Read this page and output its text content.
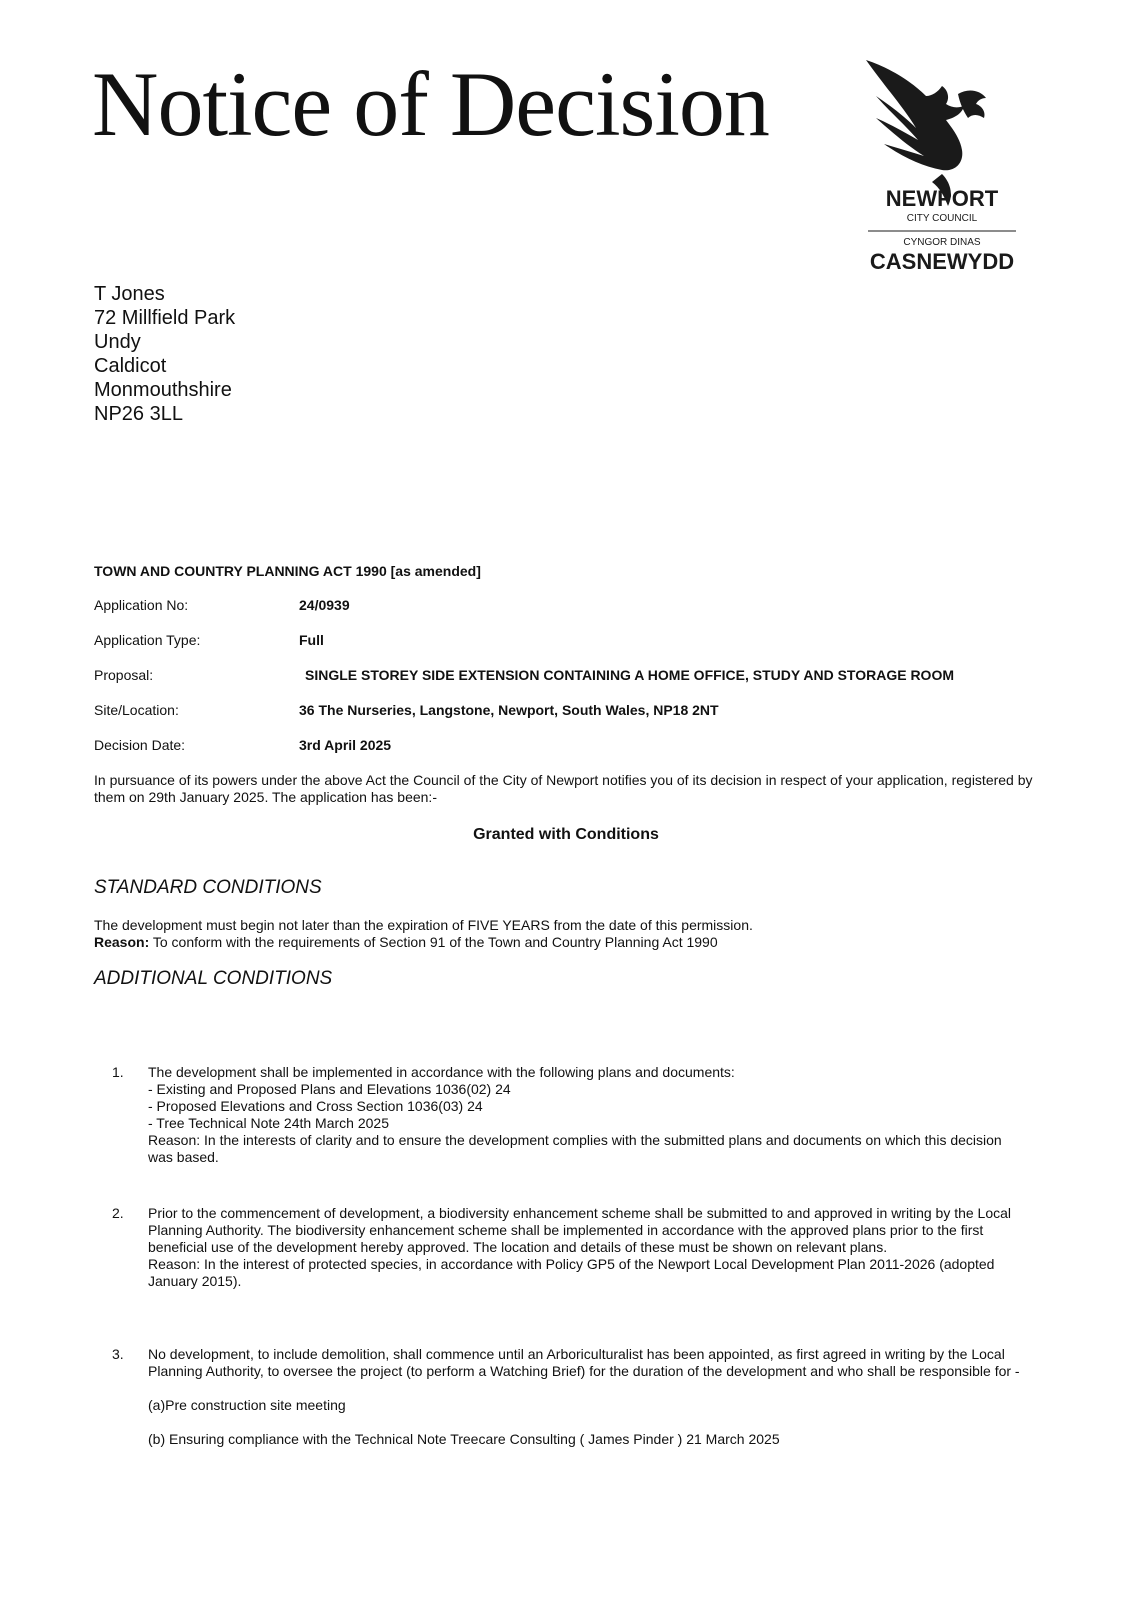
Notice of Decision
NEWPORT
CITY COUNCIL
CYNGOR DINAS
CASNEWYDD
T Jones
72 Millfield Park
Undy
Caldicot
Monmouthshire
NP26 3LL
TOWN AND COUNTRY PLANNING ACT 1990 [as amended]
Application No:	24/0939
Application Type:	Full
Proposal:	SINGLE STOREY SIDE EXTENSION CONTAINING A HOME OFFICE, STUDY AND STORAGE ROOM
Site/Location:	36 The Nurseries, Langstone, Newport, South Wales, NP18 2NT
Decision Date:	3rd April 2025
In pursuance of its powers under the above Act the Council of the City of Newport notifies you of its decision in respect of your application, registered by them on 29th January 2025. The application has been:-
Granted with Conditions
STANDARD CONDITIONS
The development must begin not later than the expiration of FIVE YEARS from the date of this permission.
Reason: To conform with the requirements of Section 91 of the Town and Country Planning Act 1990
ADDITIONAL CONDITIONS
1.	The development shall be implemented in accordance with the following plans and documents:
- Existing and Proposed Plans and Elevations 1036(02) 24
- Proposed Elevations and Cross Section 1036(03) 24
- Tree Technical Note 24th March 2025
Reason: In the interests of clarity and to ensure the development complies with the submitted plans and documents on which this decision was based.
2.	Prior to the commencement of development, a biodiversity enhancement scheme shall be submitted to and approved in writing by the Local Planning Authority. The biodiversity enhancement scheme shall be implemented in accordance with the approved plans prior to the first beneficial use of the development hereby approved. The location and details of these must be shown on relevant plans.
Reason: In the interest of protected species, in accordance with Policy GP5 of the Newport Local Development Plan 2011-2026 (adopted January 2015).
3.	No development, to include demolition, shall commence until an Arboriculturalist has been appointed, as first agreed in writing by the Local Planning Authority, to oversee the project (to perform a Watching Brief) for the duration of the development and who shall be responsible for -
(a)Pre construction site meeting
(b) Ensuring compliance with the Technical Note Treecare Consulting ( James Pinder ) 21 March 2025
